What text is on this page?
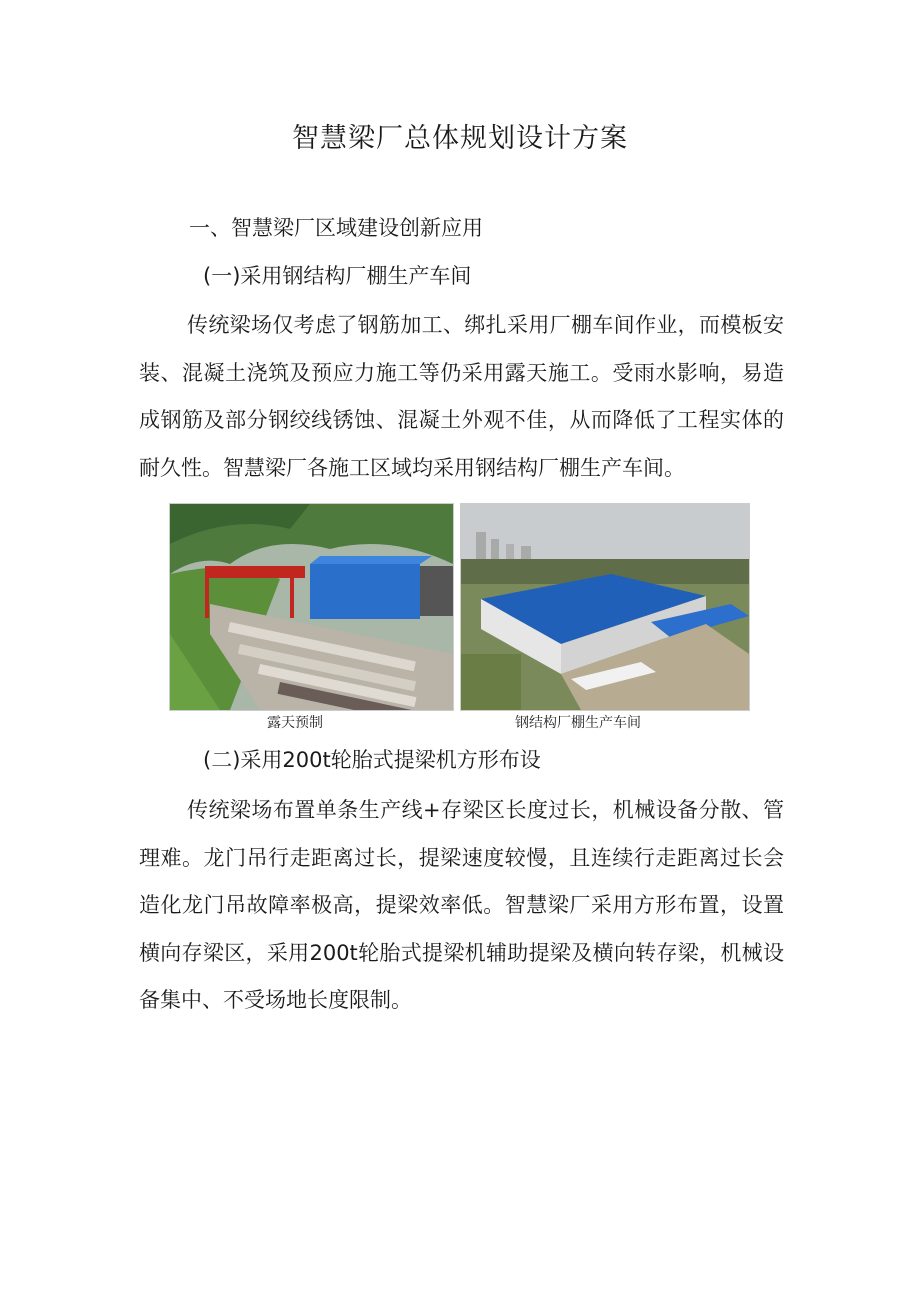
智慧梁厂总体规划设计方案
一、智慧梁厂区域建设创新应用
(一)采用钢结构厂棚生产车间
传统梁场仅考虑了钢筋加工、绑扎采用厂棚车间作业，而模板安装、混凝土浇筑及预应力施工等仍采用露天施工。受雨水影响，易造成钢筋及部分钢绞线锈蚀、混凝土外观不佳，从而降低了工程实体的耐久性。智慧梁厂各施工区域均采用钢结构厂棚生产车间。
露天预制	钢结构厂棚生产车间
(二)采用200t轮胎式提梁机方形布设
传统梁场布置单条生产线+存梁区长度过长，机械设备分散、管理难。龙门吊行走距离过长，提梁速度较慢，且连续行走距离过长会造化龙门吊故障率极高，提梁效率低。智慧梁厂采用方形布置，设置横向存梁区，采用200t轮胎式提梁机辅助提梁及横向转存梁，机械设备集中、不受场地长度限制。
